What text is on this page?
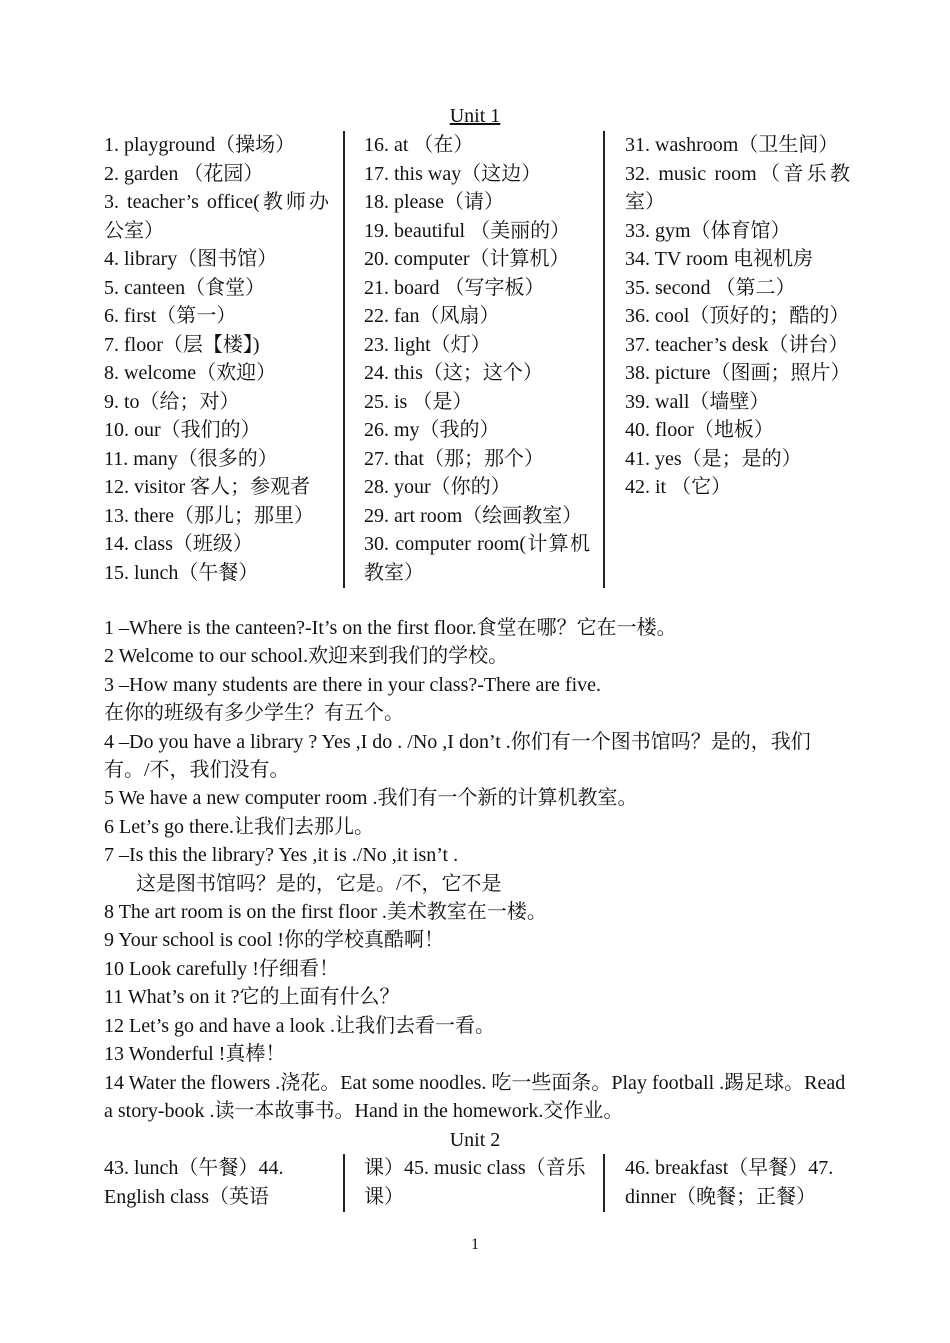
Unit 1
1. playground（操场）
2. garden （花园）
3. teacher’s office(教师办公室）
4. library（图书馆）
5. canteen（食堂）
6. first（第一）
7. floor（层【楼】)
8. welcome（欢迎）
9. to（给；对）
10. our（我们的）
11. many（很多的）
12. visitor 客人；参观者
13. there（那儿；那里）
14. class（班级）
15. lunch（午餐）
16. at （在）
17. this way（这边）
18. please（请）
19. beautiful （美丽的）
20. computer（计算机）
21. board （写字板）
22. fan（风扇）
23. light（灯）
24. this（这；这个）
25. is （是）
26. my（我的）
27. that（那；那个）
28. your（你的）
29. art room（绘画教室）
30. computer room(计算机教室）
31. washroom（卫生间）
32. music room（音乐教室）
33. gym（体育馆）
34. TV room 电视机房
35. second （第二）
36. cool（顶好的；酷的）
37. teacher’s desk（讲台）
38. picture（图画；照片）
39. wall（墙壁）
40. floor（地板）
41. yes（是；是的）
42. it （它）
1 –Where is the canteen?-It’s on the first floor.食堂在哪？它在一楼。
2 Welcome to our school.欢迎来到我们的学校。
3 –How many students are there in your class?-There are five.
在你的班级有多少学生？有五个。
4 –Do you have a library ? Yes ,I do . /No ,I don’t .你们有一个图书馆吗？是的，我们有。/不，我们没有。
5 We have a new computer room .我们有一个新的计算机教室。
6 Let’s go there.让我们去那儿。
7 –Is this the library? Yes ,it is ./No ,it isn’t .
这是图书馆吗？是的，它是。/不，它不是
8 The art room is on the first floor .美术教室在一楼。
9 Your school is cool !你的学校真酷啊！
10 Look carefully !仔细看！
11 What’s on it ?它的上面有什么？
12 Let’s go and have a look .让我们去看一看。
13 Wonderful !真棒！
14 Water the flowers .浇花。Eat some noodles. 吃一些面条。Play football .踢足球。Read a story-book .读一本故事书。Hand in the homework.交作业。
Unit 2
43. lunch（午餐）44. English class（英语
课）45. music class（音乐课）
46. breakfast（早餐）47. dinner（晚餐；正餐）
1
